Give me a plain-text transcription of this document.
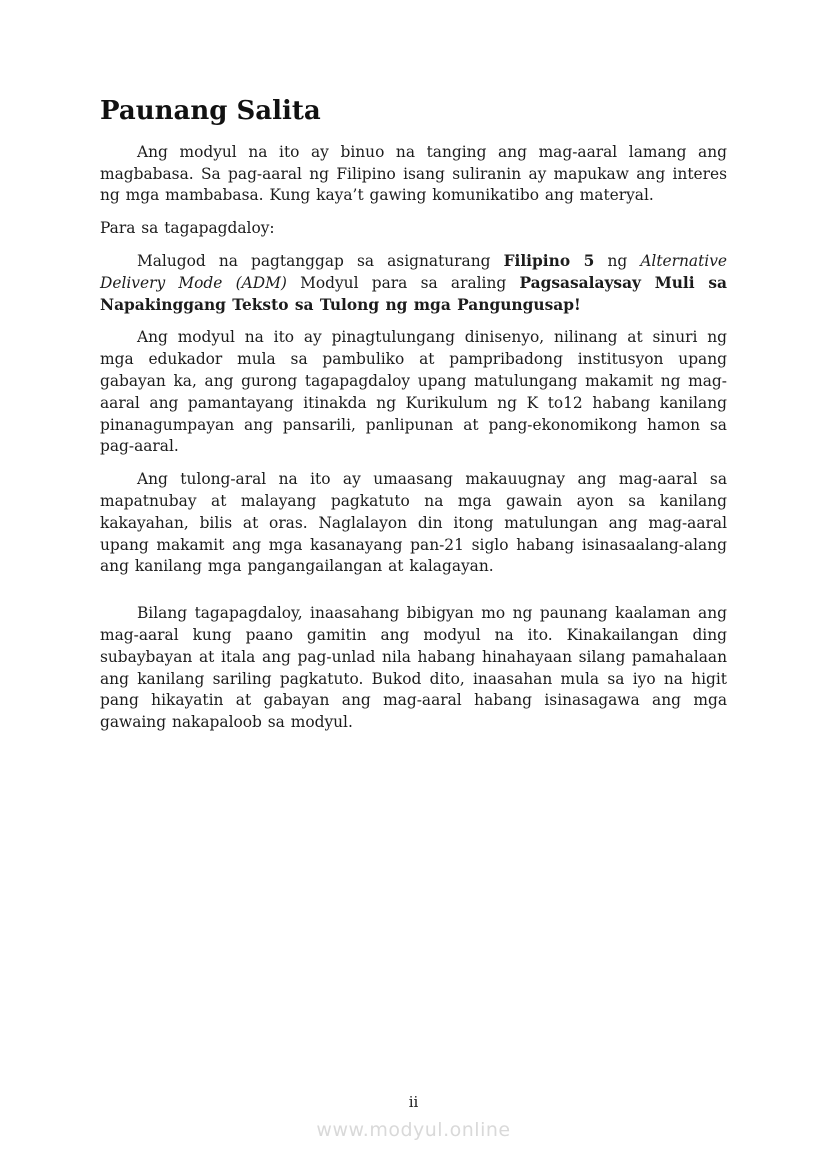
Paunang Salita

Ang modyul na ito ay binuo na tanging ang mag-aaral lamang ang magbabasa. Sa pag-aaral ng Filipino isang suliranin ay mapukaw ang interes ng mga mambabasa. Kung kaya’t gawing komunikatibo ang materyal.

Para sa tagapagdaloy:

Malugod na pagtanggap sa asignaturang Filipino 5 ng Alternative Delivery Mode (ADM) Modyul para sa araling Pagsasalaysay Muli sa Napakinggang Teksto sa Tulong ng mga Pangungusap!

Ang modyul na ito ay pinagtulungang dinisenyo, nilinang at sinuri ng mga edukador mula sa pambuliko at pampribadong institusyon upang gabayan ka, ang gurong tagapagdaloy upang matulungang makamit ng mag-aaral ang pamantayang itinakda ng Kurikulum ng K to12 habang kanilang pinanagumpayan ang pansarili, panlipunan at pang-ekonomikong hamon sa pag-aaral.

Ang tulong-aral na ito ay umaasang makauugnay ang mag-aaral sa mapatnubay at malayang pagkatuto na mga gawain ayon sa kanilang kakayahan, bilis at oras. Naglalayon din itong matulungan ang mag-aaral upang makamit ang mga kasanayang pan-21 siglo habang isinasaalang-alang ang kanilang mga pangangailangan at kalagayan.

Bilang tagapagdaloy, inaasahang bibigyan mo ng paunang kaalaman ang mag-aaral kung paano gamitin ang modyul na ito. Kinakailangan ding subaybayan at itala ang pag-unlad nila habang hinahayaan silang pamahalaan ang kanilang sariling pagkatuto. Bukod dito, inaasahan mula sa iyo na higit pang hikayatin at gabayan ang mag-aaral habang isinasagawa ang mga gawaing nakapaloob sa modyul.

ii
www.modyul.online
